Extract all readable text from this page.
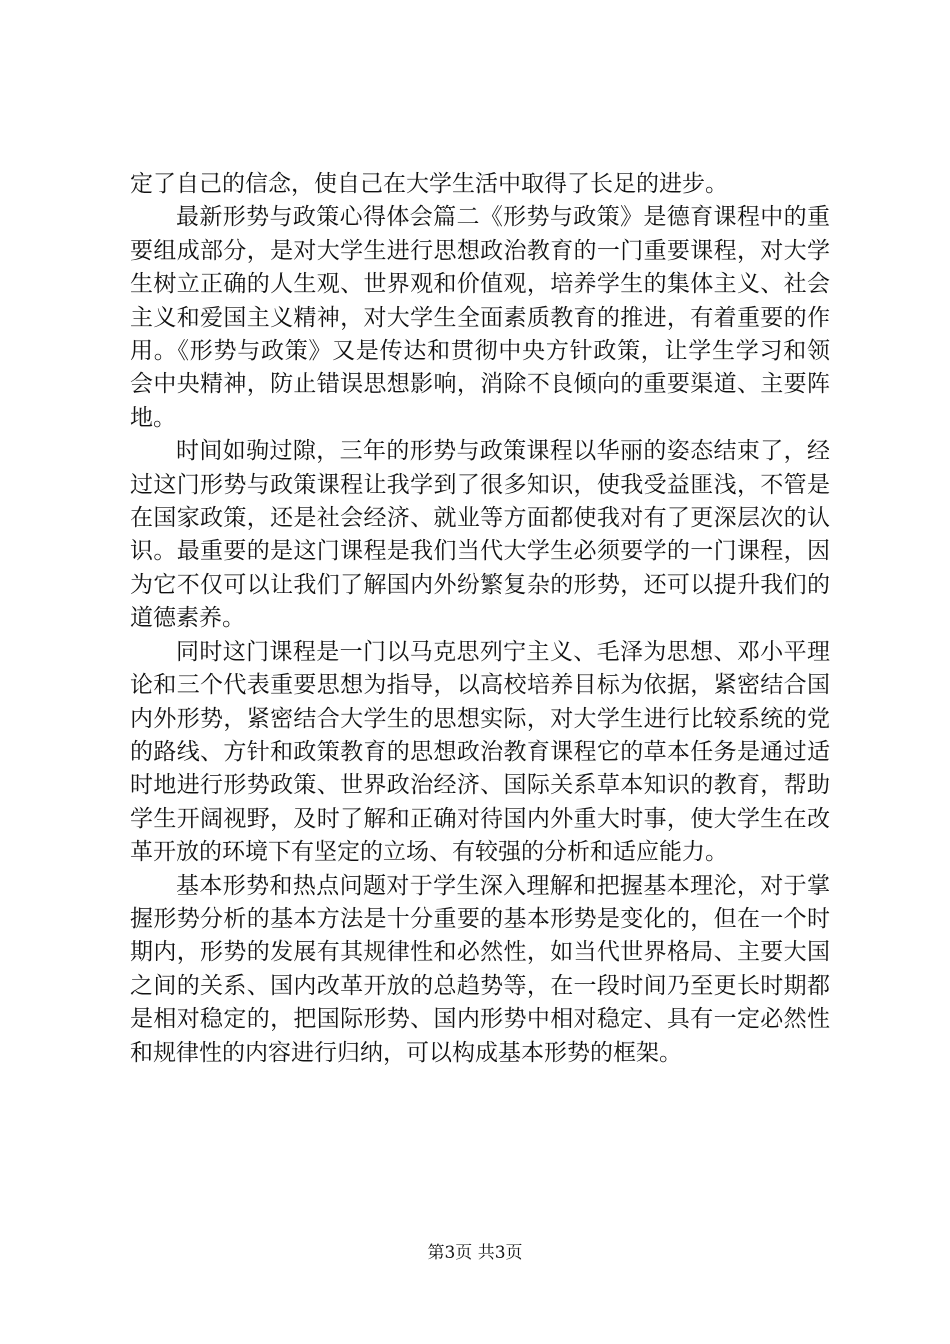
定了自己的信念，使自己在大学生活中取得了长足的进步。

最新形势与政策心得体会篇二《形势与政策》是德育课程中的重要组成部分，是对大学生进行思想政治教育的一门重要课程，对大学生树立正确的人生观、世界观和价值观，培养学生的集体主义、社会主义和爱国主义精神，对大学生全面素质教育的推进，有着重要的作用。《形势与政策》又是传达和贯彻中央方针政策，让学生学习和领会中央精神，防止错误思想影响，消除不良倾向的重要渠道、主要阵地。

时间如驹过隙，三年的形势与政策课程以华丽的姿态结束了，经过这门形势与政策课程让我学到了很多知识，使我受益匪浅，不管是在国家政策，还是社会经济、就业等方面都使我对有了更深层次的认识。最重要的是这门课程是我们当代大学生必须要学的一门课程，因为它不仅可以让我们了解国内外纷繁复杂的形势，还可以提升我们的道德素养。

同时这门课程是一门以马克思列宁主义、毛泽为思想、邓小平理论和三个代表重要思想为指导，以高校培养目标为依据，紧密结合国内外形势，紧密结合大学生的思想实际，对大学生进行比较系统的党的路线、方针和政策教育的思想政治教育课程它的草本任务是通过适时地进行形势政策、世界政治经济、国际关系草本知识的教育，帮助学生开阔视野，及时了解和正确对待国内外重大时事，使大学生在改革开放的环境下有坚定的立场、有较强的分析和适应能力。

基本形势和热点问题对于学生深入理解和把握基本理沦，对于掌握形势分析的基本方法是十分重要的基本形势是变化的，但在一个时期内，形势的发展有其规律性和必然性，如当代世界格局、主要大国之间的关系、国内改革开放的总趋势等，在一段时间乃至更长时期都是相对稳定的，把国际形势、国内形势中相对稳定、具有一定必然性和规律性的内容进行归纳，可以构成基本形势的框架。

第3页 共3页
